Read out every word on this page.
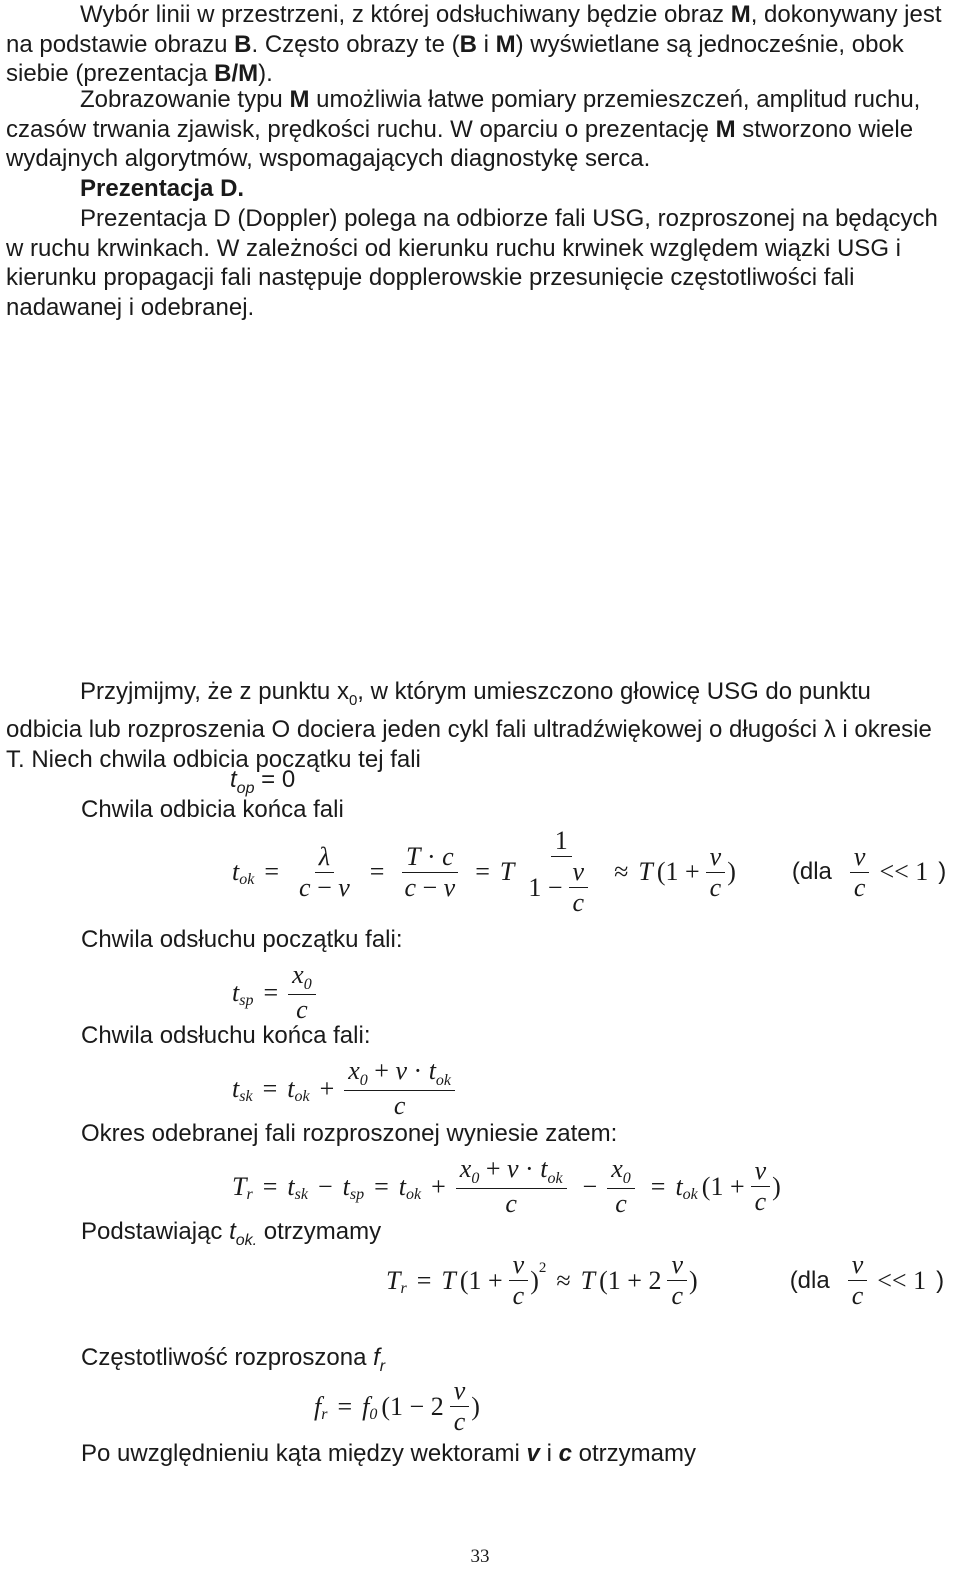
Wybór linii w przestrzeni, z której odsłuchiwany będzie obraz M, dokonywany jest na podstawie obrazu B. Często obrazy te (B i M) wyświetlane są jednocześnie, obok siebie (prezentacja B/M).

Zobrazowanie typu M umożliwia łatwe pomiary przemieszczeń, amplitud ruchu, czasów trwania zjawisk, prędkości ruchu. W oparciu o prezentację M stworzono wiele wydajnych algorytmów, wspomagających diagnostykę serca.

Prezentacja D.

Prezentacja D (Doppler) polega na odbiorze fali USG, rozproszonej na będących w ruchu krwinkach. W zależności od kierunku ruchu krwinek względem wiązki USG i kierunku propagacji fali następuje dopplerowskie przesunięcie częstotliwości fali nadawanej i odebranej.

Przyjmijmy, że z punktu $x_0$, w którym umieszczono głowicę USG do punktu odbicia lub rozproszenia O dociera jeden cykl fali ultradźwiękowej o długości λ i okresie T. Niech chwila odbicia początku tej fali

$t_{op} = 0$
Chwila odbicia końca fali
t ok = $\frac{\lambda}{c - v} = \frac{T \cdot c}{c - v} = T \frac{1}{1 - \frac{v}{c}} \approx T$ ($1 + \frac{v}{c}$ ) ($dla \frac{v}{c} << 1$ )
Chwila odsłuchu początku fali:
t sp = $\frac{x_0}{c}$
Chwila odsłuchu końca fali:
t sk = t ok + $\frac{x_0 + v \cdot t_{ok}}{c}$
Okres odebranej fali rozproszonej wyniesie zatem:
T r = t sk − t sp = t ok + $\frac{x_0 + v \cdot t_{ok}}{c} - \frac{x_0}{c} = t$ ok ($1 + \frac{v}{c}$ )
Podstawiając $t_{ok.}$ otrzymamy
T r = T ($1 + \frac{v}{c}$ ) 2 ≈ T ($1 + 2 \frac{v}{c}$ )	($dla \frac{v}{c} << 1$ )
Częstotliwość rozproszona $f_r$
f r = f 0 ($1 - 2 \frac{v}{c}$ )
Po uwzględnieniu kąta między wektorami v i c otrzymamy
33
